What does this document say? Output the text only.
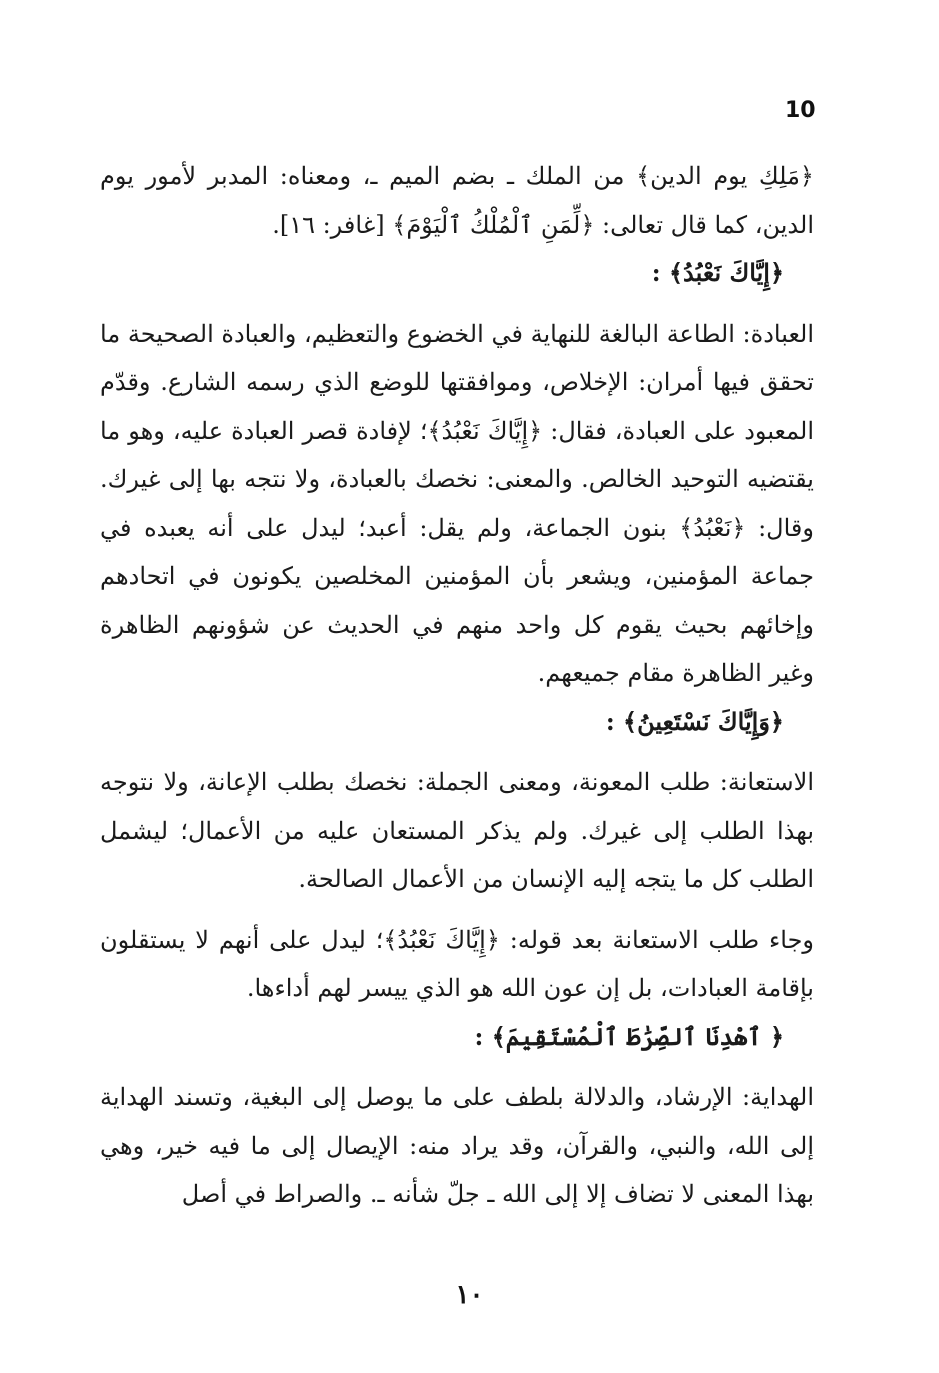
10

﴿مَلِكِ يوم الدين﴾ من الملك ـ بضم الميم ـ، ومعناه: المدبر لأمور يوم الدين، كما قال تعالى: ﴿لِّمَنِ ٱلْمُلْكُ ٱلْيَوْمَ﴾ [غافر: ١٦].

﴿إِيَّاكَ نَعْبُدُ﴾ :

العبادة: الطاعة البالغة للنهاية في الخضوع والتعظيم، والعبادة الصحيحة ما تحقق فيها أمران: الإخلاص، وموافقتها للوضع الذي رسمه الشارع. وقدّم المعبود على العبادة، فقال: ﴿إِيَّاكَ نَعْبُدُ﴾؛ لإفادة قصر العبادة عليه، وهو ما يقتضيه التوحيد الخالص. والمعنى: نخصك بالعبادة، ولا نتجه بها إلى غيرك. وقال: ﴿نَعْبُدُ﴾ بنون الجماعة، ولم يقل: أعبد؛ ليدل على أنه يعبده في جماعة المؤمنين، ويشعر بأن المؤمنين المخلصين يكونون في اتحادهم وإخائهم بحيث يقوم كل واحد منهم في الحديث عن شؤونهم الظاهرة وغير الظاهرة مقام جميعهم.

﴿وَإِيَّاكَ نَسْتَعِينُ﴾ :

الاستعانة: طلب المعونة، ومعنى الجملة: نخصك بطلب الإعانة، ولا نتوجه بهذا الطلب إلى غيرك. ولم يذكر المستعان عليه من الأعمال؛ ليشمل الطلب كل ما يتجه إليه الإنسان من الأعمال الصالحة.

وجاء طلب الاستعانة بعد قوله: ﴿إِيَّاكَ نَعْبُدُ﴾؛ ليدل على أنهم لا يستقلون بإقامة العبادات، بل إن عون الله هو الذي ييسر لهم أداءها.

﴿ ٱهْدِنَا ٱلصِّرَٰطَ ٱلْمُسْتَقِيمَ﴾ :

الهداية: الإرشاد، والدلالة بلطف على ما يوصل إلى البغية، وتسند الهداية إلى الله، والنبي، والقرآن، وقد يراد منه: الإيصال إلى ما فيه خير، وهي بهذا المعنى لا تضاف إلا إلى الله ـ جلّ شأنه ـ. والصراط في أصل

١٠
